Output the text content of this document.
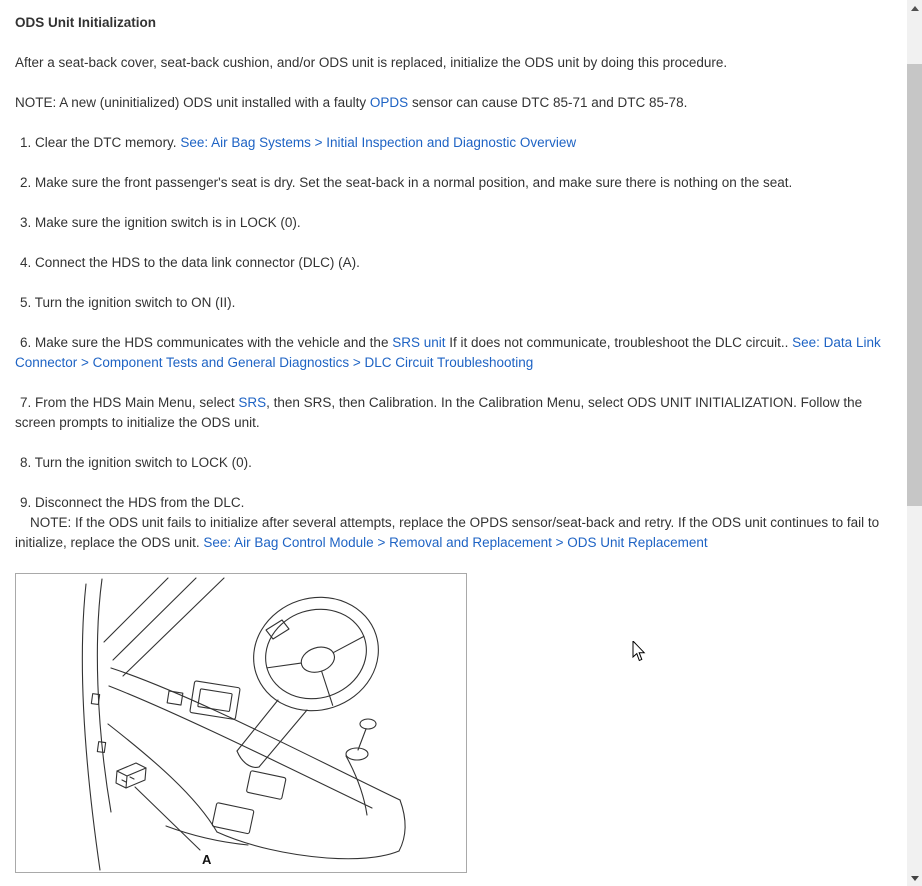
ODS Unit Initialization

After a seat-back cover, seat-back cushion, and/or ODS unit is replaced, initialize the ODS unit by doing this procedure.

NOTE: A new (uninitialized) ODS unit installed with a faulty OPDS sensor can cause DTC 85-71 and DTC 85-78.

1. Clear the DTC memory. See: Air Bag Systems > Initial Inspection and Diagnostic Overview

2. Make sure the front passenger's seat is dry. Set the seat-back in a normal position, and make sure there is nothing on the seat.

3. Make sure the ignition switch is in LOCK (0).

4. Connect the HDS to the data link connector (DLC) (A).

5. Turn the ignition switch to ON (II).

6. Make sure the HDS communicates with the vehicle and the SRS unit If it does not communicate, troubleshoot the DLC circuit.. See: Data Link Connector > Component Tests and General Diagnostics > DLC Circuit Troubleshooting

7. From the HDS Main Menu, select SRS, then SRS, then Calibration. In the Calibration Menu, select ODS UNIT INITIALIZATION. Follow the screen prompts to initialize the ODS unit.

8. Turn the ignition switch to LOCK (0).

9. Disconnect the HDS from the DLC.

NOTE: If the ODS unit fails to initialize after several attempts, replace the OPDS sensor/seat-back and retry. If the ODS unit continues to fail to initialize, replace the ODS unit. See: Air Bag Control Module > Removal and Replacement > ODS Unit Replacement

A
